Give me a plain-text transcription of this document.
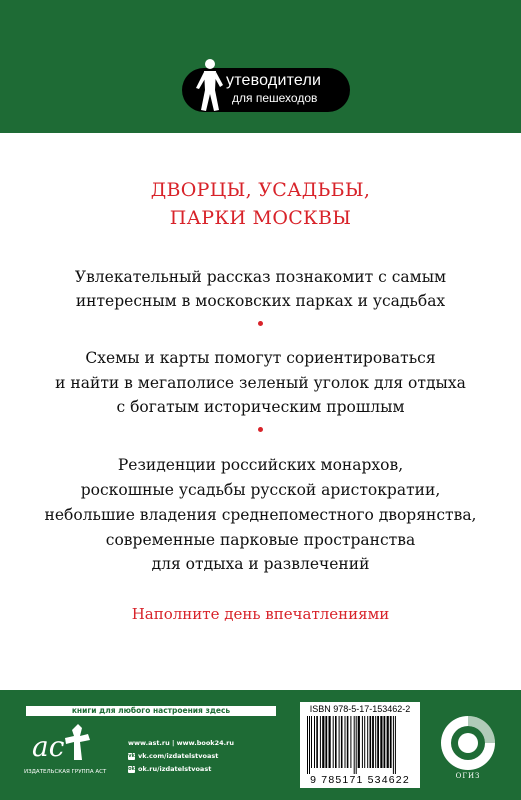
утеводители
для пешеходов
ДВОРЦЫ, УСАДЬБЫ,
ПАРКИ МОСКВЫ
Увлекательный рассказ познакомит с самым
интересным в московских парках и усадьбах
Схемы и карты помогут сориентироваться
и найти в мегаполисе зеленый уголок для отдыха
с богатым историческим прошлым
Резиденции российских монархов,
роскошные усадьбы русской аристократии,
небольшие владения среднепоместного дворянства,
современные парковые пространства
для отдыха и развлечений
Наполните день впечатлениями
книги для любого настроения здесь
ac
ИЗДАТЕЛЬСКАЯ ГРУППА АСТ
www.ast.ru | www.book24.ru
vk vk.com/izdatelstvoast
ok ok.ru/izdatelstvoast
ISBN 978-5-17-153462-2
9 785171 534622	ОГИЗ
